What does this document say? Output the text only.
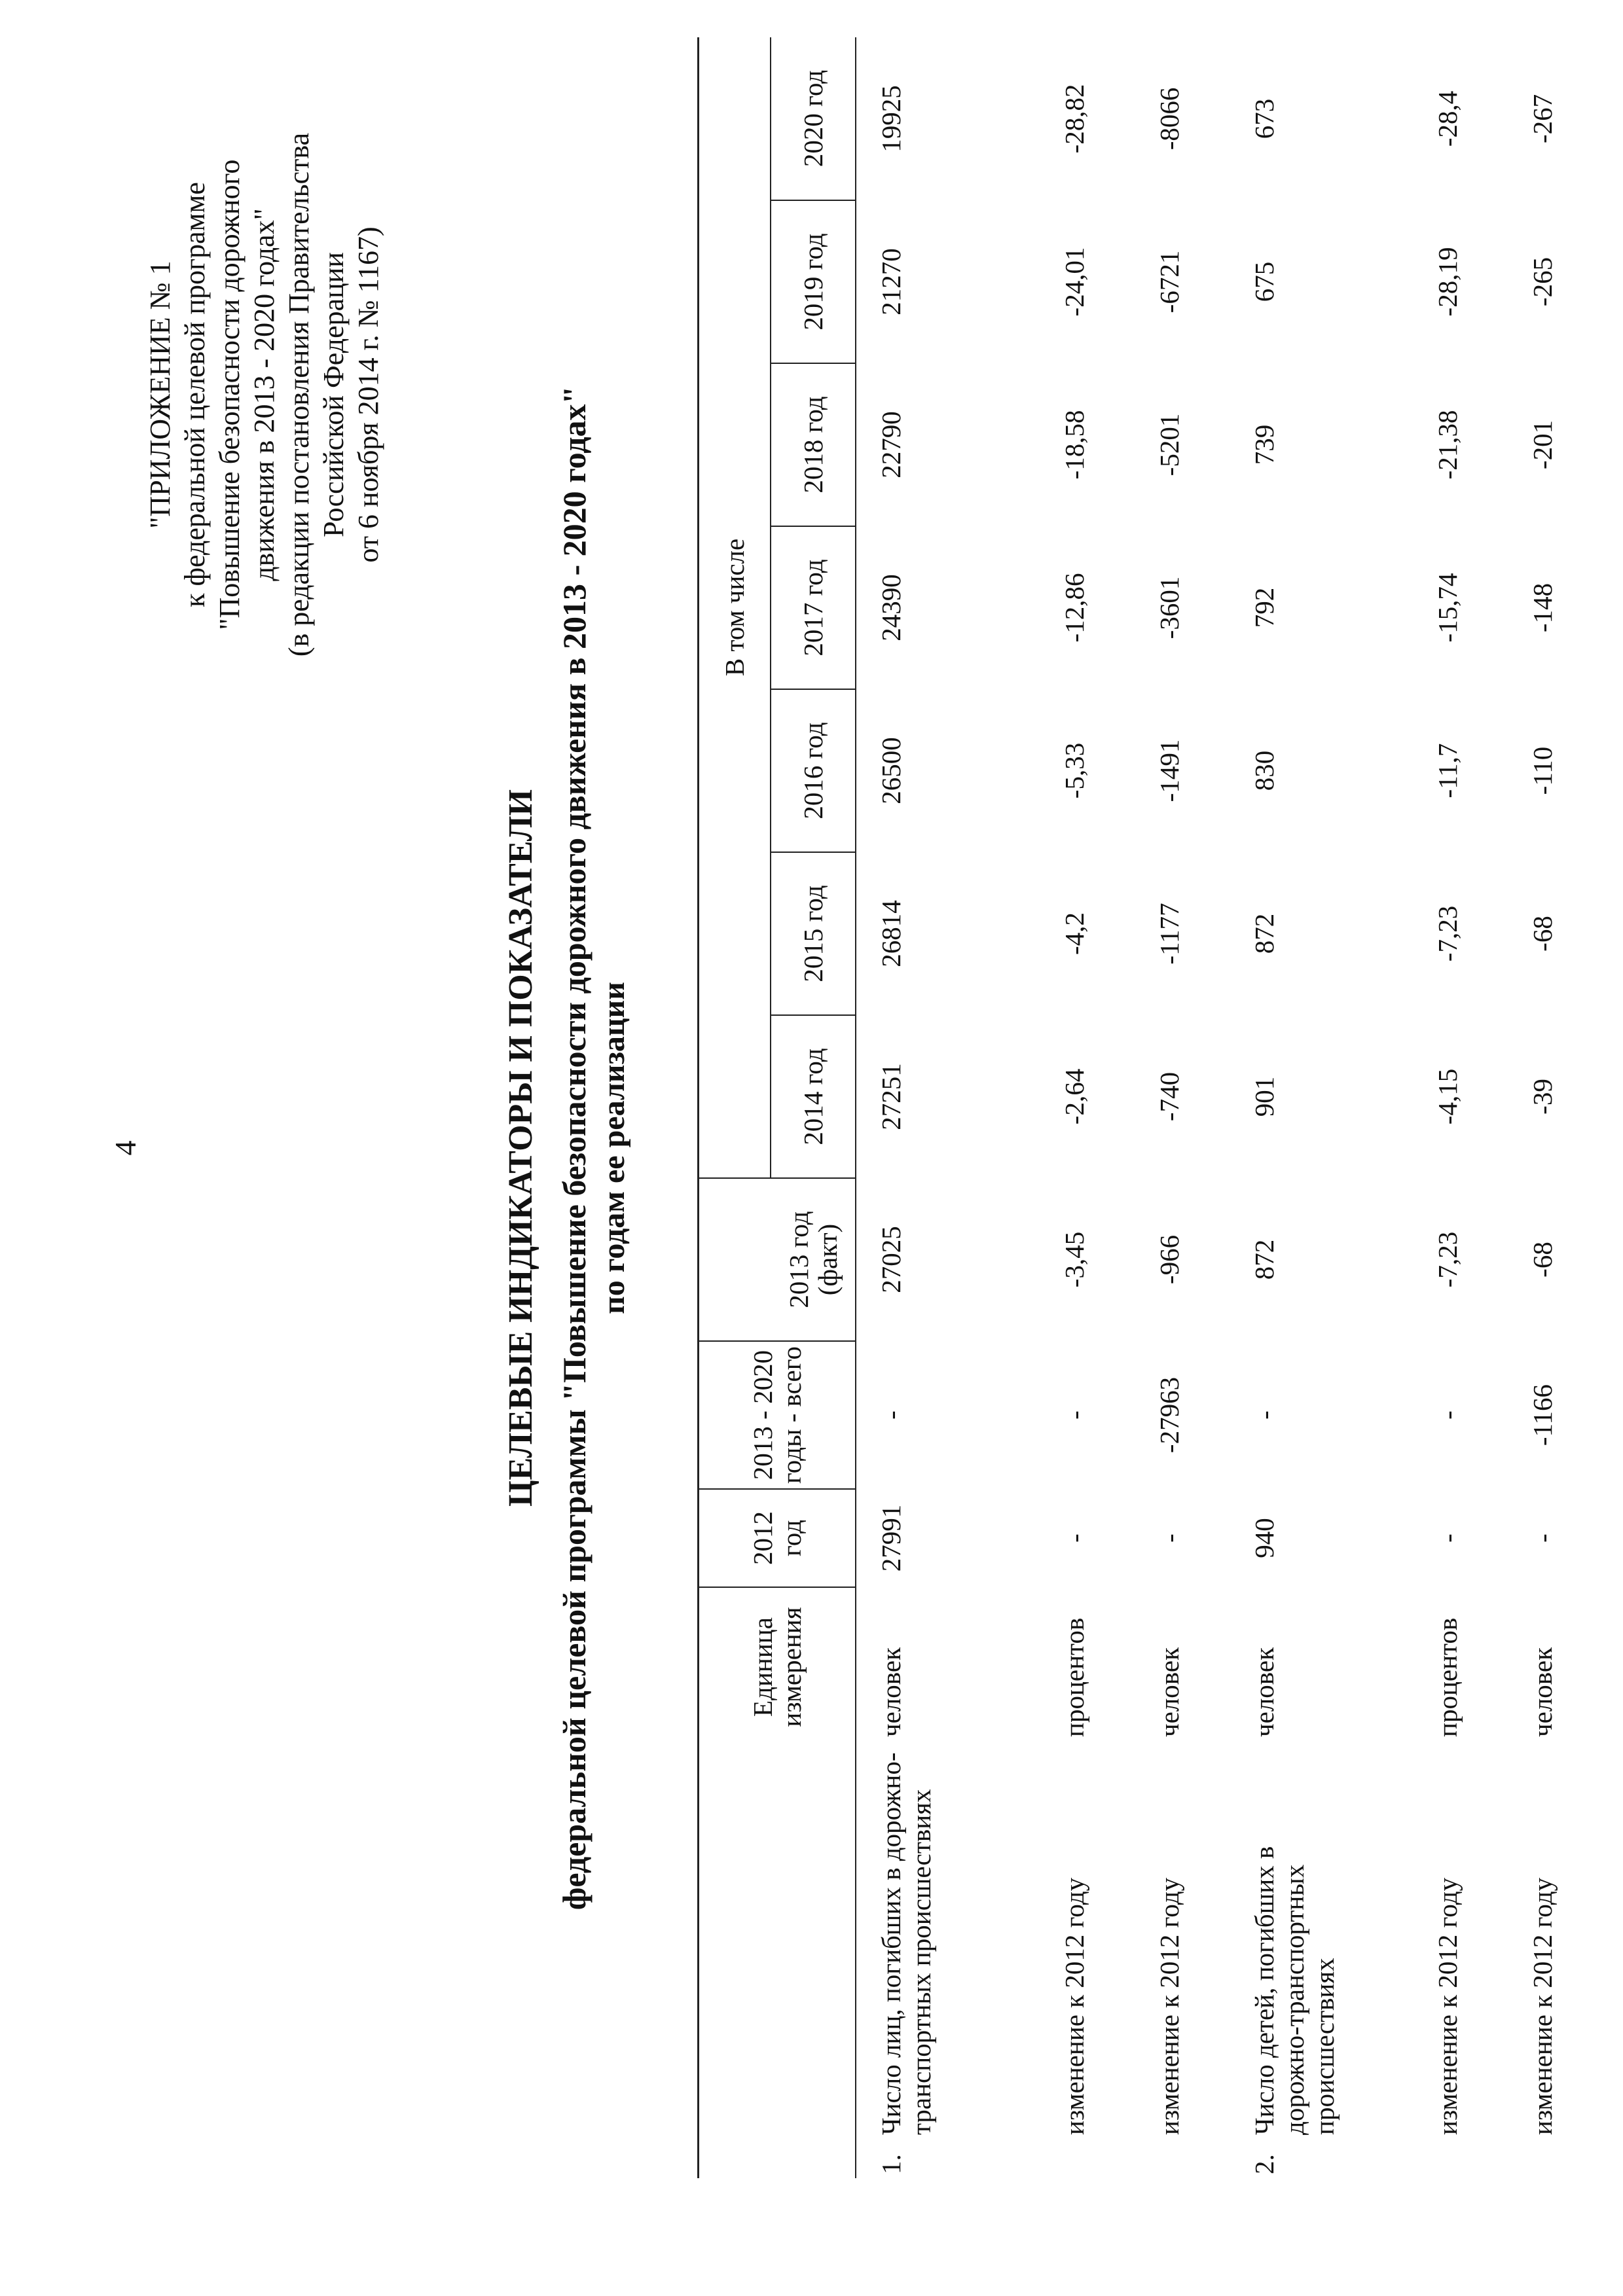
4
"ПРИЛОЖЕНИЕ № 1 к федеральной целевой программе "Повышение безопасности дорожного движения в 2013 - 2020 годах" (в редакции постановления Правительства Российской Федерации от 6 ноября 2014 г. № 1167)
ЦЕЛЕВЫЕ ИНДИКАТОРЫ И ПОКАЗАТЕЛИ федеральной целевой программы "Повышение безопасности дорожного движения в 2013 - 2020 годах" по годам ее реализации
	Единица измерения	2012 год	2013 - 2020 годы - всего		В том числе						
				2013 год (факт)	2014 год	2015 год	2016 год	2017 год	2018 год	2019 год	2020 год

1.
Число лиц, погибших в дорожно-транспортных происшествиях	человек	27991	-	27025	27251	26814	26500	24390	22790	21270	19925

изменение к 2012 году	процентов	-	-	-3,45	-2,64	-4,2	-5,33	-12,86	-18,58	-24,01	-28,82

изменение к 2012 году	человек	-	-27963	-966	-740	-1177	-1491	-3601	-5201	-6721	-8066

2.
Число детей, погибших в дорожно-транспортных происшествиях	человек	940	-	872	901	872	830	792	739	675	673

изменение к 2012 году	процентов	-	-	-7,23	-4,15	-7,23	-11,7	-15,74	-21,38	-28,19	-28,4

изменение к 2012 году	человек	-	-1166	-68	-39	-68	-110	-148	-201	-265	-267
